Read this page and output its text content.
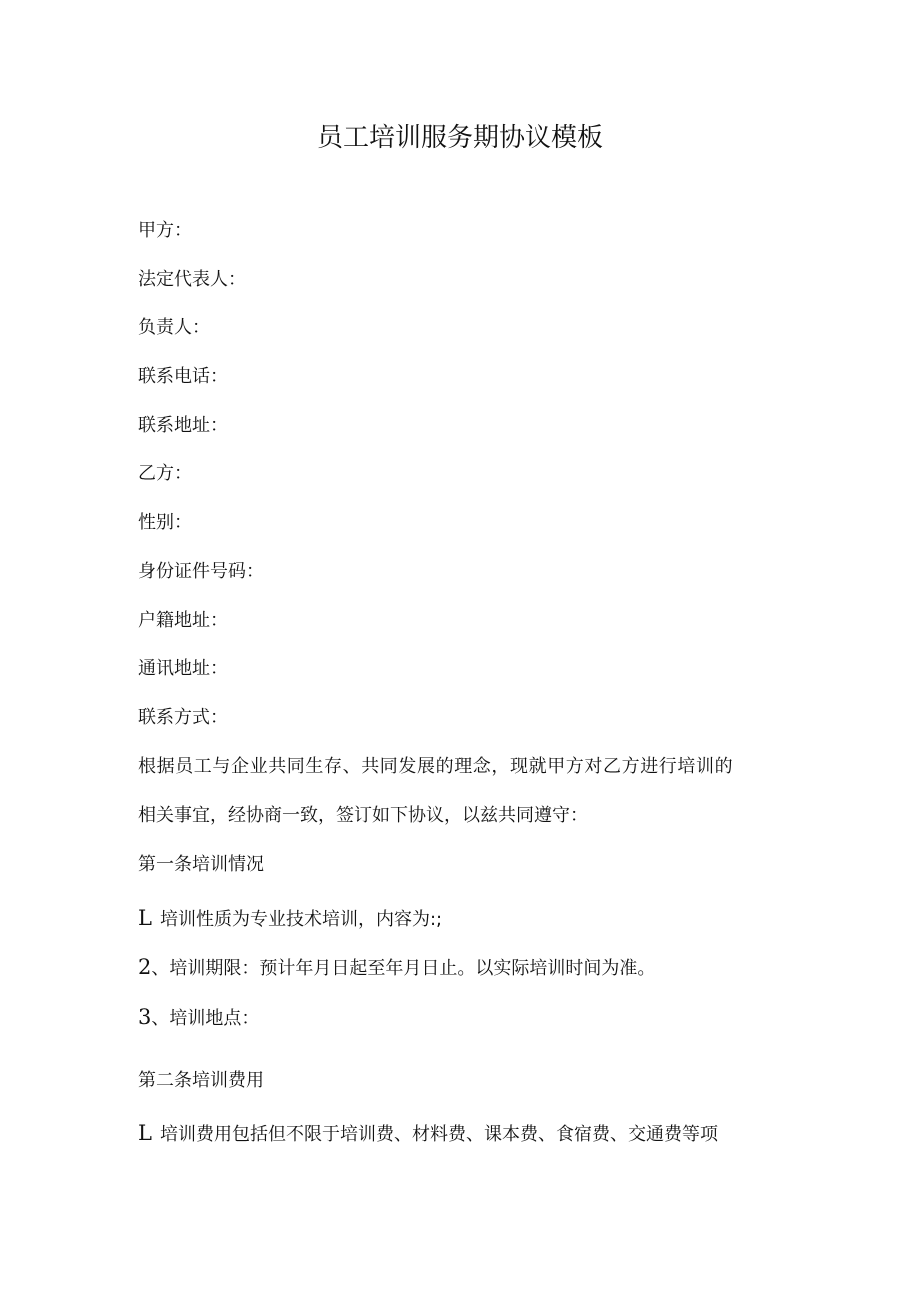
员工培训服务期协议模板

甲方：

法定代表人：

负责人：

联系电话：

联系地址：

乙方：

性别：

身份证件号码：

户籍地址：

通讯地址：

联系方式：

根据员工与企业共同生存、共同发展的理念，现就甲方对乙方进行培训的

相关事宜，经协商一致，签订如下协议，以兹共同遵守：

第一条培训情况

L 培训性质为专业技术培训，内容为:;

2、培训期限：预计年月日起至年月日止。以实际培训时间为准。

3、培训地点：

第二条培训费用

L 培训费用包括但不限于培训费、材料费、课本费、食宿费、交通费等项
